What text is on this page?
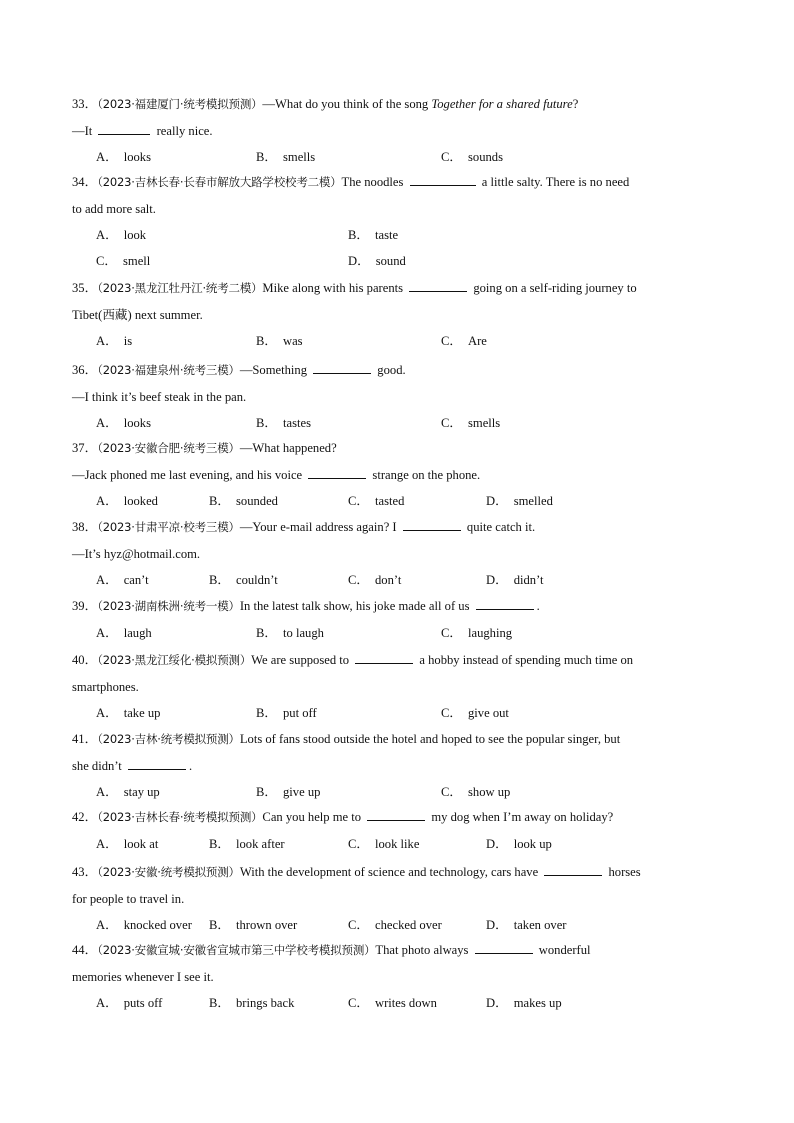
33．（2023·福建厦门·统考模拟预测）—What do you think of the song Together for a shared future?
—It	really nice.

A． looks	B． smells	C． sounds

34．（2023·吉林长春·长春市解放大路学校校考二模）The noodles	a little salty. There is no need
to add more salt.

A． look	B． taste
C． smell	D． sound

35．（2023·黑龙江牡丹江·统考二模）Mike along with his parents	going on a self-riding journey to
Tibet(西藏) next summer.

A． is	B． was	C． Are

36．（2023·福建泉州·统考三模）—Something	good.
—I think it’s beef steak in the pan.

A． looks	B． tastes	C． smells

37．（2023·安徽合肥·统考三模）—What happened?
—Jack phoned me last evening, and his voice	strange on the phone.

A． looked	B． sounded	C． tasted	D． smelled

38．（2023·甘肃平凉·校考三模）—Your e-mail address again? I	quite catch it.
—It’s hyz@hotmail.com.

A． can’t	B． couldn’t	C． don’t	D． didn’t

39．（2023·湖南株洲·统考一模）In the latest talk show, his joke made all of us	.

A． laugh	B． to laugh	C． laughing

40．（2023·黑龙江绥化·模拟预测）We are supposed to	a hobby instead of spending much time on
smartphones.

A． take up	B． put off	C． give out

41．（2023·吉林·统考模拟预测）Lots of fans stood outside the hotel and hoped to see the popular singer, but
she didn’t	.

A． stay up	B． give up	C． show up

42．（2023·吉林长春·统考模拟预测）Can you help me to	my dog when I’m away on holiday?

A． look at	B． look after	C． look like	D． look up

43．（2023·安徽·统考模拟预测）With the development of science and technology, cars have	horses
for people to travel in.

A． knocked over B． thrown over	C． checked over	D． taken over

44．（2023·安徽宣城·安徽省宣城市第三中学校考模拟预测）That photo always	wonderful
memories whenever I see it.

A． puts off	B． brings back	C． writes down	D． makes up
